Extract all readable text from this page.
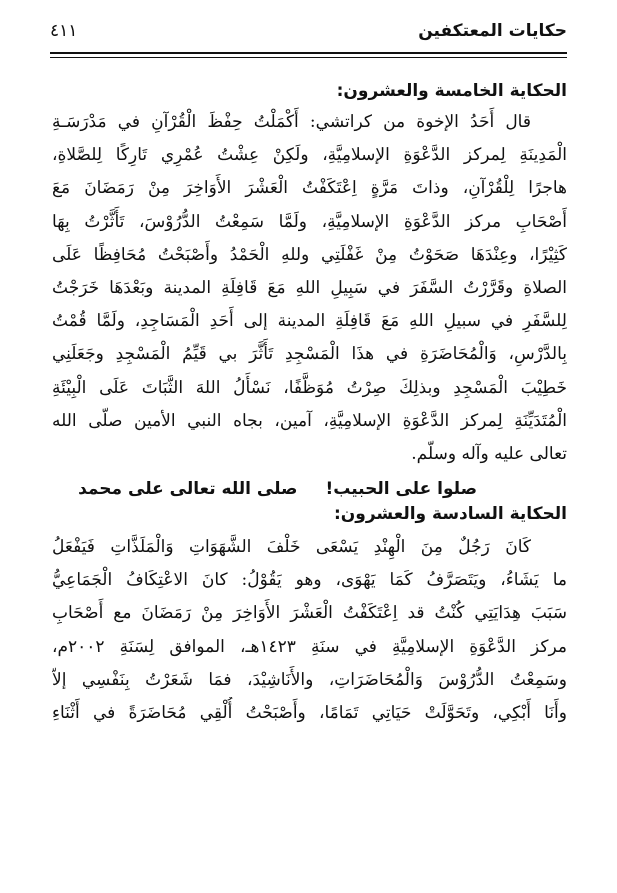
حكايات المعتكفين
٤١١
الحكاية الخامسة والعشرون:

قال أَحَدُ الإخوة من كراتشي: أَكْمَلْتُ حِفْظَ الْقُرْآنِ في مَدْرَسَـةِ

الْمَدِينَةِ لِمركز الدَّعْوَةِ الإسلامِيَّةِ، ولَكِنْ عِشْتُ عُمْرِي تَارِكًا لِلصَّلاةِ،

هاجرًا لِلْقُرْآنِ، وذاتَ مَرَّةٍ اِعْتَكَفْتُ الْعَشْرَ الأَوَاخِرَ مِنْ رَمَضَانَ مَعَ

أَصْحَابِ مركز الدَّعْوَةِ الإسلامِيَّةِ، ولَمَّا سَمِعْتُ الدُّرُوْسَ، تَأَثَّرْتُ بِهَا

كَثِيْرًا، وعِنْدَهَا صَحَوْتُ مِنْ غَفْلَتِي وللهِ الْحَمْدُ وأَصْبَحْتُ مُحَافِظًا عَلَى

الصلاةِ وقَرَّرْتُ السَّفَرَ في سَبِيلِ اللهِ مَعَ قَافِلَةِ المدينة وبَعْدَهَا خَرَجْتُ

لِلسَّفَرِ في سبيلِ اللهِ مَعَ قَافِلَةِ المدينة إلى أَحَدِ الْمَسَاجِدِ، ولَمَّا قُمْتُ

بِالدَّرْسِ، وَالْمُحَاضَرَةِ في هذَا الْمَسْجِدِ تَأَثَّرَ بي قَيِّمُ الْمَسْجِدِ وجَعَلَنِي

خَطِيْبَ الْمَسْجِدِ وبذلِكَ صِرْتُ مُوَظَّفًا، نَسْأَلُ اللهَ الثَّبَاتَ عَلَى الْبِيْئَةِ

الْمُتَدَيِّنَةِ لِمركز الدَّعْوَةِ الإسلامِيَّةِ، آمين، بجاه النبي الأمين صلّى الله

تعالى عليه وآله وسلّم.

صلوا على الحبيب!
صلى الله تعالى على محمد
الحكاية السادسة والعشرون:

كَانَ رَجُلٌ مِنَ الْهِنْدِ يَسْعَى خَلْفَ الشَّهَوَاتِ وَالْمَلَذَّاتِ فَيَفْعَلُ

ما يَشَاءُ، ويَتَصَرَّفُ كَمَا يَهْوَى، وهو يَقُوْلُ: كانَ الاعْتِكَافُ الْجَمَاعِيُّ

سَبَبَ هِدَايَتِي كُنْتُ قد اِعْتَكَفْتُ الْعَشْرَ الأَوَاخِرَ مِنْ رَمَضَانَ مع أَصْحَابِ

مركز الدَّعْوَةِ الإسلامِيَّةِ في سنَةِ ١٤٢٣هـ، الموافق لِسَنَةِ ٢٠٠٢م،

وسَمِعْتُ الدُّرُوْسَ وَالْمُحَاضَرَاتِ، والأَنَاشِيْدَ، فمَا شَعَرْتُ بِنَفْسِي إلاّ

وأَنَا أَبْكِي، وتَحَوَّلَتْ حَيَاتِي تَمَامًا، وأَصْبَحْتُ أُلْقِي مُحَاضَرَةً في أَثْنَاءِ
